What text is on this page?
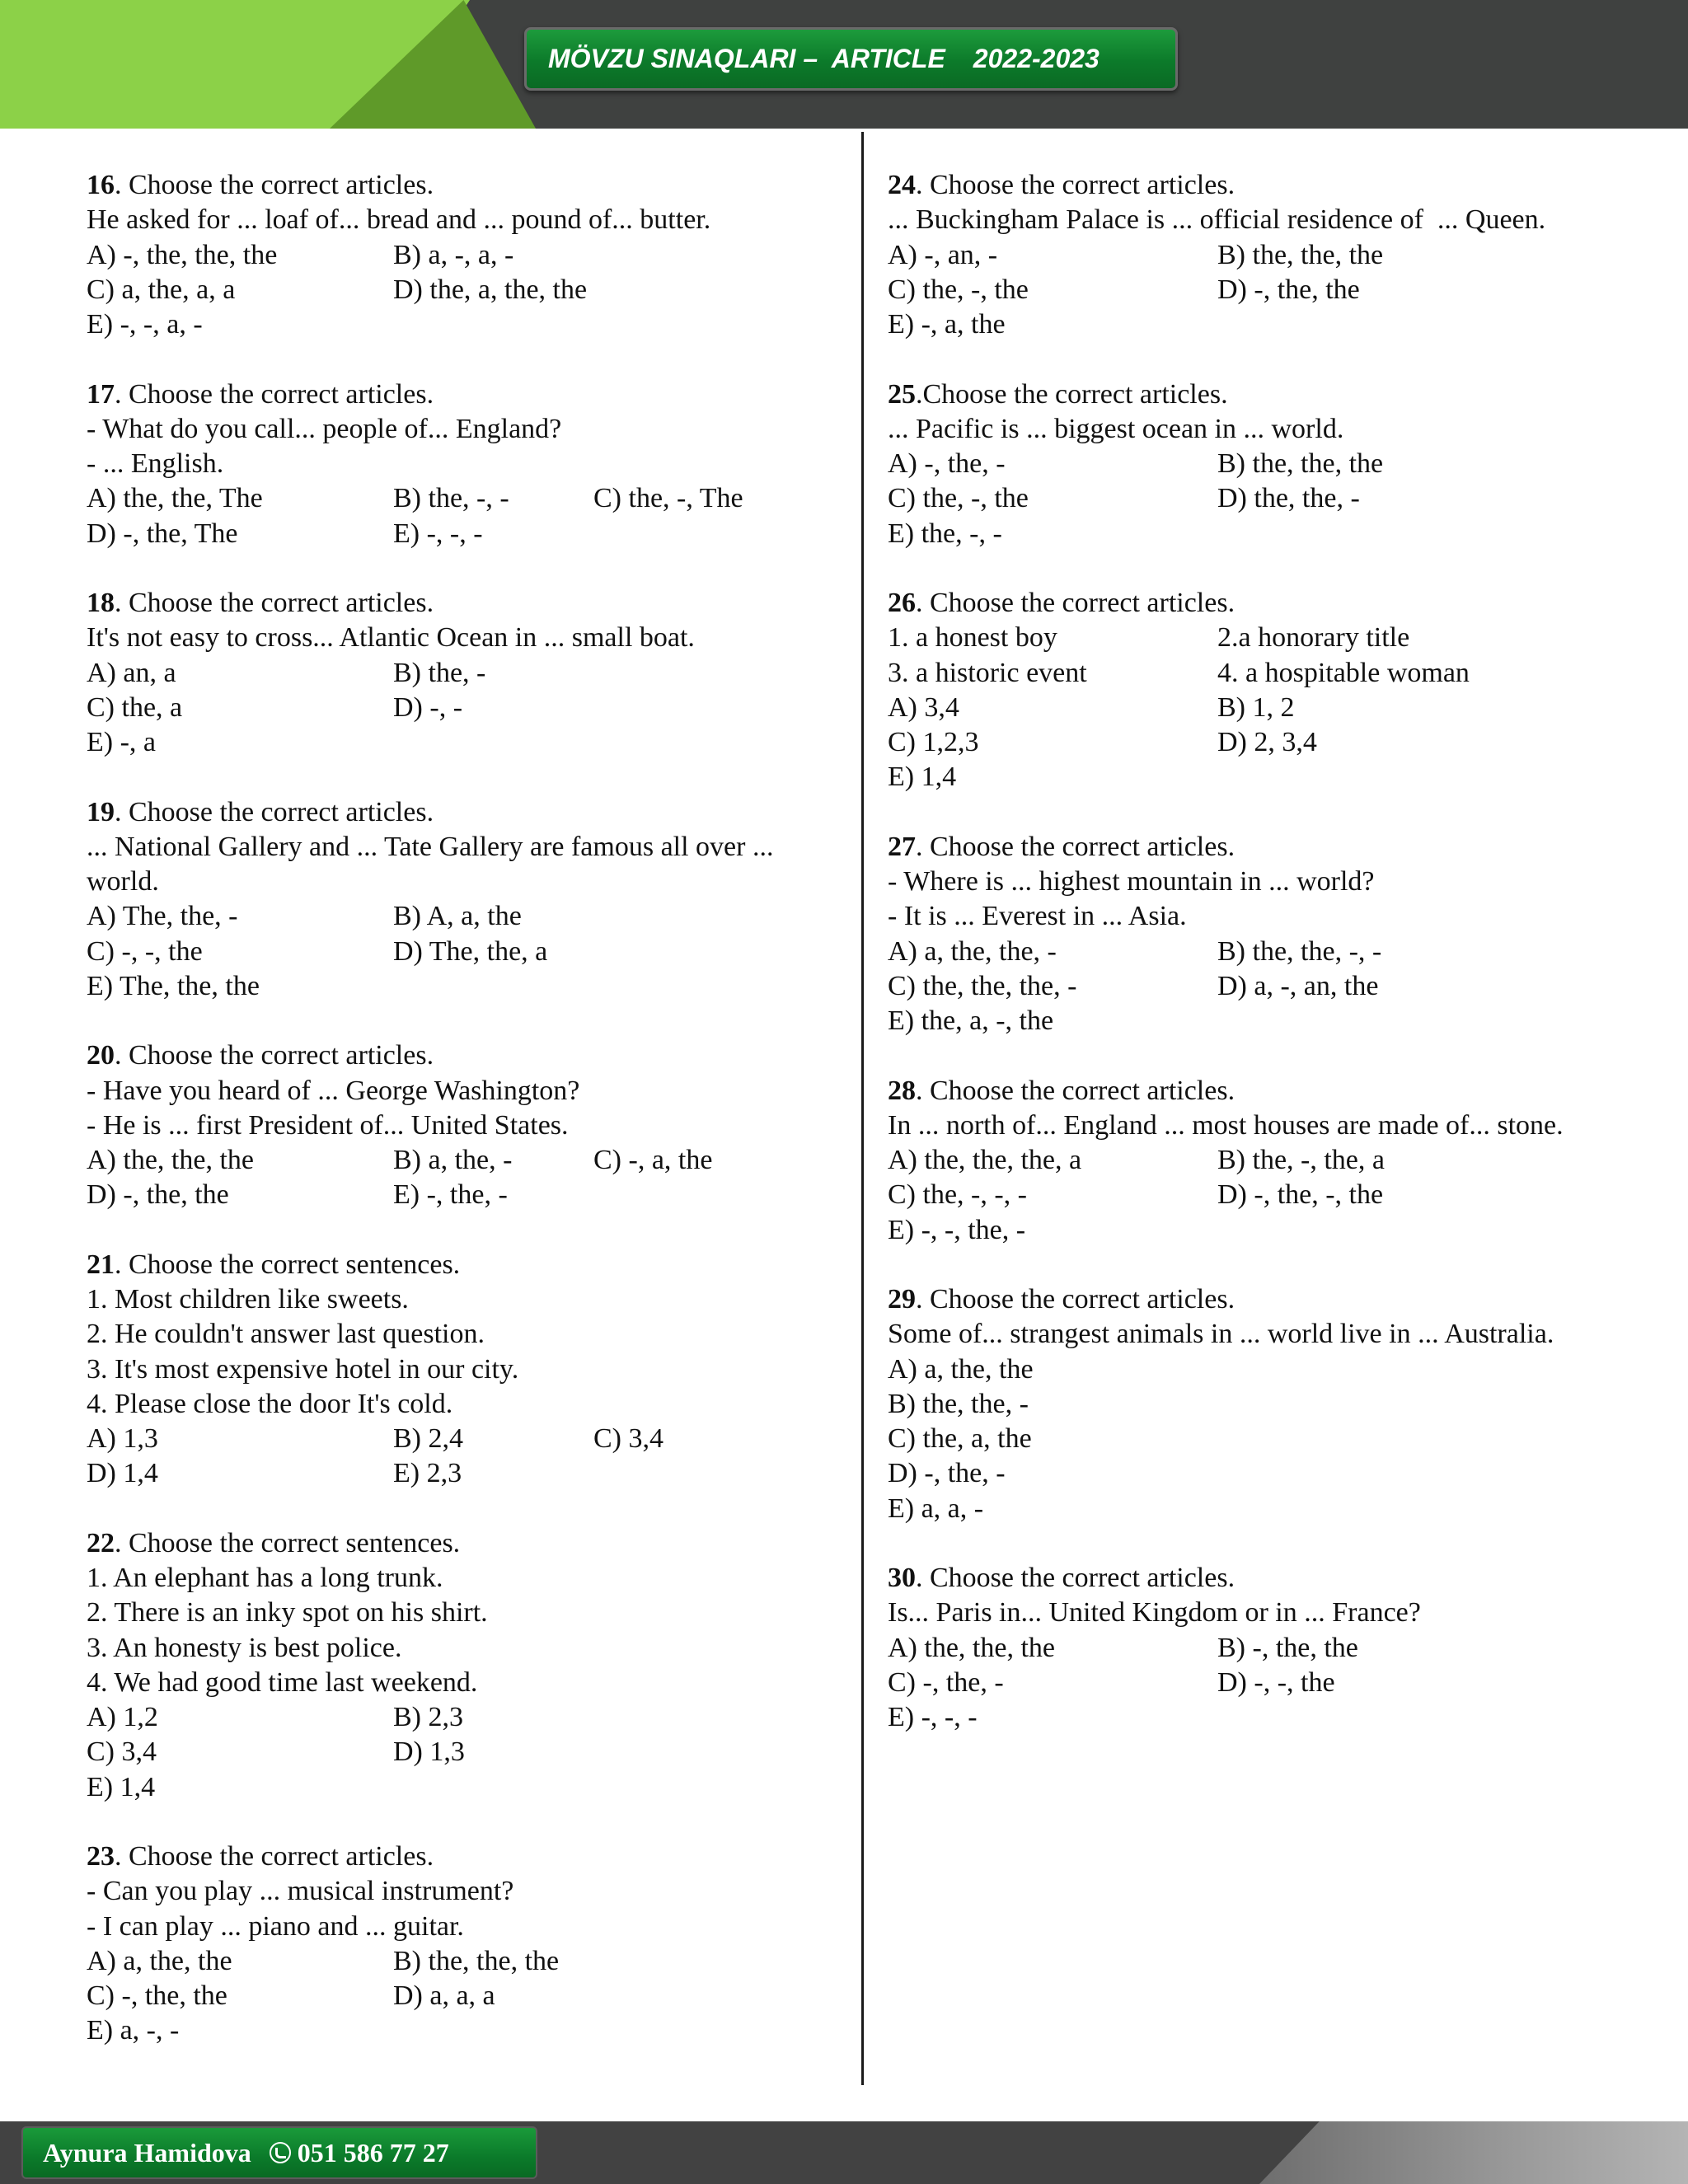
MÖVZU SINAQLARI –  ARTICLE 2022-2023
16. Choose the correct articles.
He asked for ... loaf of... bread and ... pound of... butter.
A) -, the, the, the	B) a, -, a, -
C) a, the, a, a	D) the, a, the, the
E) -, -, a, -
17. Choose the correct articles.
- What do you call... people of... England?
- ... English.
A) the, the, The	B) the, -, -	C) the, -, The
D) -, the, The	E) -, -, -
18. Choose the correct articles.
It's not easy to cross... Atlantic Ocean in ... small boat.
A) an, a	B) the, -
C) the, a	D) -, -
E) -, a
19. Choose the correct articles.
... National Gallery and ... Tate Gallery are famous all over ...
world.
A) The, the, -	B) A, a, the
C) -, -, the	D) The, the, a
E) The, the, the
20. Choose the correct articles.
- Have you heard of ... George Washington?
- He is ... first President of... United States.
A) the, the, the	B) a, the, -	C) -, a, the
D) -, the, the	E) -, the, -
21. Choose the correct sentences.
1. Most children like sweets.
2. He couldn't answer last question.
3. It's most expensive hotel in our city.
4. Please close the door It's cold.
A) 1,3	B) 2,4	C) 3,4
D) 1,4	E) 2,3
22. Choose the correct sentences.
1. An elephant has a long trunk.
2. There is an inky spot on his shirt.
3. An honesty is best police.
4. We had good time last weekend.
A) 1,2	B) 2,3
C) 3,4	D) 1,3
E) 1,4
23. Choose the correct articles.
- Can you play ... musical instrument?
- I can play ... piano and ... guitar.
A) a, the, the	B) the, the, the
C) -, the, the	D) a, a, a
E) a, -, -
24. Choose the correct articles.
... Buckingham Palace is ... official residence of  ... Queen.
A) -, an, -	B) the, the, the
C) the, -, the	D) -, the, the
E) -, a, the
25.Choose the correct articles.
... Pacific is ... biggest ocean in ... world.
A) -, the, -	B) the, the, the
C) the, -, the	D) the, the, -
E) the, -, -
26. Choose the correct articles.
1. a honest boy	2.a honorary title
3. a historic event	4. a hospitable woman
A) 3,4	B) 1, 2
C) 1,2,3	D) 2, 3,4
E) 1,4
27. Choose the correct articles.
- Where is ... highest mountain in ... world?
- It is ... Everest in ... Asia.
A) a, the, the, -	B) the, the, -, -
C) the, the, the, -	D) a, -, an, the
E) the, a, -, the
28. Choose the correct articles.
In ... north of... England ... most houses are made of... stone.
A) the, the, the, a	B) the, -, the, a
C) the, -, -, -	D) -, the, -, the
E) -, -, the, -
29. Choose the correct articles.
Some of... strangest animals in ... world live in ... Australia.
A) a, the, the
B) the, the, -
C) the, a, the
D) -, the, -
E) a, a, -
30. Choose the correct articles.
Is... Paris in... United Kingdom or in ... France?
A) the, the, the	B) -, the, the
C) -, the, -	D) -, -, the
E) -, -, -
Aynura Hamidova 051 586 77 27
